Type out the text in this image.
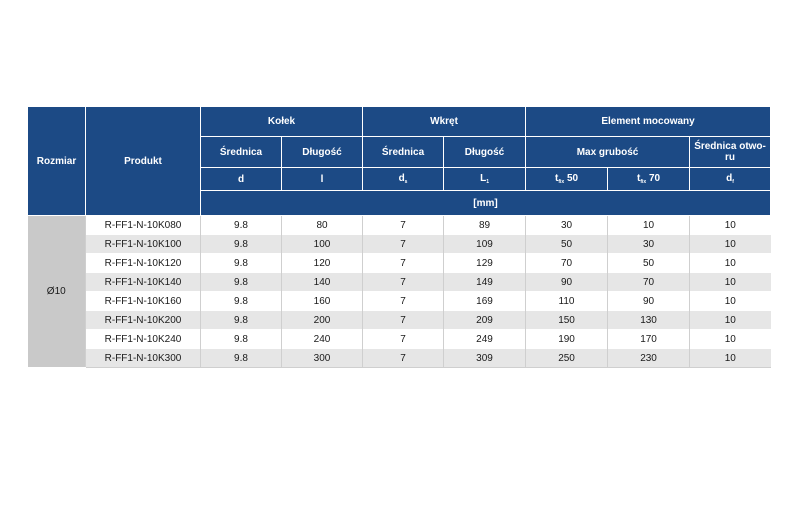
Rozmiar	Produkt	Kołek		Wkręt		Element mocowany		
		Średnica	Długość	Średnica	Długość	Max grubość		Średnica otwo-ru
		d	l	$d_s$	$L_1$	$t_{fix}$ 50	$t_{fix}$ 70	$d_f$
		[mm]						
Ø10	R-FF1-N-10K080	9.8	80	7	89	30	10	10
	R-FF1-N-10K100	9.8	100	7	109	50	30	10
	R-FF1-N-10K120	9.8	120	7	129	70	50	10
	R-FF1-N-10K140	9.8	140	7	149	90	70	10
	R-FF1-N-10K160	9.8	160	7	169	110	90	10
	R-FF1-N-10K200	9.8	200	7	209	150	130	10
	R-FF1-N-10K240	9.8	240	7	249	190	170	10
	R-FF1-N-10K300	9.8	300	7	309	250	230	10
